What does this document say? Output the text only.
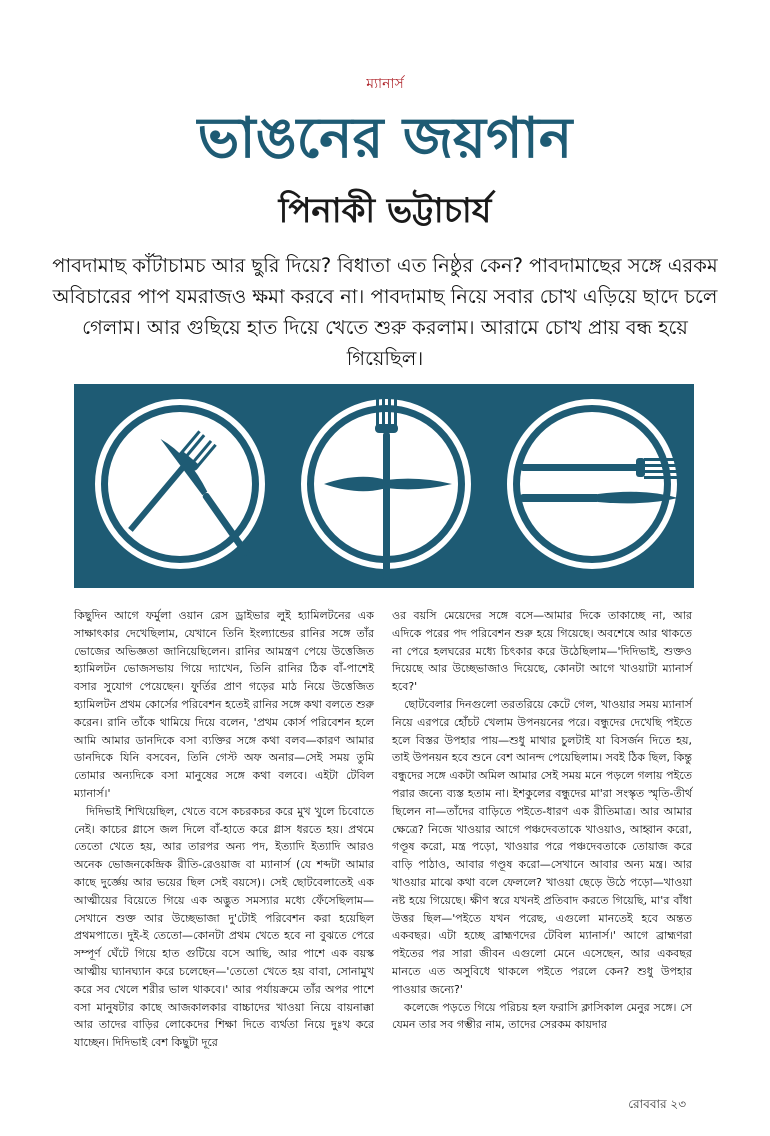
ম্যানার্স
ভাঙনের জয়গান
পিনাকী ভট্টাচার্য
পাবদামাছ কাঁটাচামচ আর ছুরি দিয়ে? বিধাতা এত নিষ্ঠুর কেন? পাবদামাছের সঙ্গে এরকম অবিচারের পাপ যমরাজও ক্ষমা করবে না। পাবদামাছ নিয়ে সবার চোখ এড়িয়ে ছাদে চলে গেলাম। আর গুছিয়ে হাত দিয়ে খেতে শুরু করলাম। আরামে চোখ প্রায় বন্ধ হয়ে গিয়েছিল।

কিছুদিন আগে ফর্মুলা ওয়ান রেস ড্রাইভার লুই হ্যামিলটনের এক সাক্ষাৎকার দেখেছিলাম, যেখানে তিনি ইংল্যান্ডের রানির সঙ্গে তাঁর ভোজের অভিজ্ঞতা জানিয়েছিলেন। রানির আমন্ত্রণ পেয়ে উত্তেজিত হ্যামিলটন ভোজসভায় গিয়ে দ্যাখেন, তিনি রানির ঠিক বাঁ-পাশেই বসার সুযোগ পেয়েছেন। ফুর্তির প্রাণ গড়ের মাঠ নিয়ে উত্তেজিত হ্যামিলটন প্রথম কোর্সের পরিবেশন হতেই রানির সঙ্গে কথা বলতে শুরু করেন। রানি তাঁকে থামিয়ে দিয়ে বলেন, 'প্রথম কোর্স পরিবেশন হলে আমি আমার ডানদিকে বসা ব্যক্তির সঙ্গে কথা বলব—কারণ আমার ডানদিকে যিনি বসবেন, তিনি গেস্ট অফ অনার—সেই সময় তুমি তোমার অন্যদিকে বসা মানুষের সঙ্গে কথা বলবে। এইটা টেবিল ম্যানার্স।'

দিদিভাই শিখিয়েছিল, খেতে বসে কচরকচর করে মুখ খুলে চিবোতে নেই। কাচের গ্লাসে জল দিলে বাঁ-হাতে করে গ্লাস ধরতে হয়। প্রথমে তেতো খেতে হয়, আর তারপর অন্য পদ, ইত্যাদি ইত্যাদি আরও অনেক ভোজনকেন্দ্রিক রীতি-রেওয়াজ বা ম্যানার্স (যে শব্দটা আমার কাছে দুর্জ্ঞেয় আর ভয়ের ছিল সেই বয়সে)। সেই ছোটবেলাতেই এক আত্মীয়ের বিয়েতে গিয়ে এক অদ্ভুত সমস্যার মধ্যে ফেঁসেছিলাম—সেখানে শুক্ত আর উচ্ছেভাজা দু'টোই পরিবেশন করা হয়েছিল প্রথমপাতে। দুই-ই তেতো—কোনটা প্রথম খেতে হবে না বুঝতে পেরে সম্পূর্ণ ঘেঁটে গিয়ে হাত গুটিয়ে বসে আছি, আর পাশে এক বয়স্ক আত্মীয় ঘ্যানঘ্যান করে চলেছেন—'তেতো খেতে হয় বাবা, সোনামুখ করে সব খেলে শরীর ভাল থাকবে।' আর পর্যায়ক্রমে তাঁর অপর পাশে বসা মানুষটার কাছে আজকালকার বাচ্চাদের খাওয়া নিয়ে বায়নাক্কা আর তাদের বাড়ির লোকেদের শিক্ষা দিতে ব্যর্থতা নিয়ে দুঃখ করে যাচ্ছেন। দিদিভাই বেশ কিছুটা দূরে

ওর বয়সি মেয়েদের সঙ্গে বসে—আমার দিকে তাকাচ্ছে না, আর এদিকে পরের পদ পরিবেশন শুরু হয়ে গিয়েছে। অবশেষে আর থাকতে না পেরে হলঘরের মধ্যে চিৎকার করে উঠেছিলাম—'দিদিভাই, শুক্তও দিয়েছে আর উচ্ছেভাজাও দিয়েছে, কোনটা আগে খাওয়াটা ম্যানার্স হবে?'

ছোটবেলার দিনগুলো তরতরিয়ে কেটে গেল, খাওয়ার সময় ম্যানার্স নিয়ে এরপরে হোঁচট খেলাম উপনয়নের পরে। বন্ধুদের দেখেছি পইতে হলে বিস্তর উপহার পায়—শুধু মাথার চুলটাই যা বিসর্জন দিতে হয়, তাই উপনয়ন হবে শুনে বেশ আনন্দ পেয়েছিলাম। সবই ঠিক ছিল, কিন্তু বন্ধুদের সঙ্গে একটা অমিল আমার সেই সময় মনে পড়লে গলায় পইতে পরার জন্যে ব্যস্ত হতাম না। ইশকুলের বন্ধুদের মা'রা সংস্কৃত স্মৃতি-তীর্থ ছিলেন না—তাঁদের বাড়িতে পইতে-ধারণ এক রীতিমাত্র। আর আমার ক্ষেত্রে? নিজে খাওয়ার আগে পঞ্চদেবতাকে খাওয়াও, আহ্বান করো, গণ্ডূষ করো, মন্ত্র পড়ো, খাওয়ার পরে পঞ্চদেবতাকে তোয়াজ করে বাড়ি পাঠাও, আবার গণ্ডূষ করো—সেখানে আবার অন্য মন্ত্র। আর খাওয়ার মাঝে কথা বলে ফেললে? খাওয়া ছেড়ে উঠে পড়ো—খাওয়া নষ্ট হয়ে গিয়েছে। ক্ষীণ স্বরে যখনই প্রতিবাদ করতে গিয়েছি, মা'র বাঁধা উত্তর ছিল—'পইতে যখন পরেছ, এগুলো মানতেই হবে অন্তত একবছর। এটা হচ্ছে ব্রাহ্মণদের টেবিল ম্যানার্স।' আগে ব্রাহ্মণরা পইতের পর সারা জীবন এগুলো মেনে এসেছেন, আর একবছর মানতে এত অসুবিধে থাকলে পইতে পরলে কেন? শুধু উপহার পাওয়ার জন্যে?'

কলেজে পড়তে গিয়ে পরিচয় হল ফরাসি ক্লাসিকাল মেনুর সঙ্গে। সে যেমন তার সব গম্ভীর নাম, তাদের সেরকম কায়দার

রোববার ২৩
